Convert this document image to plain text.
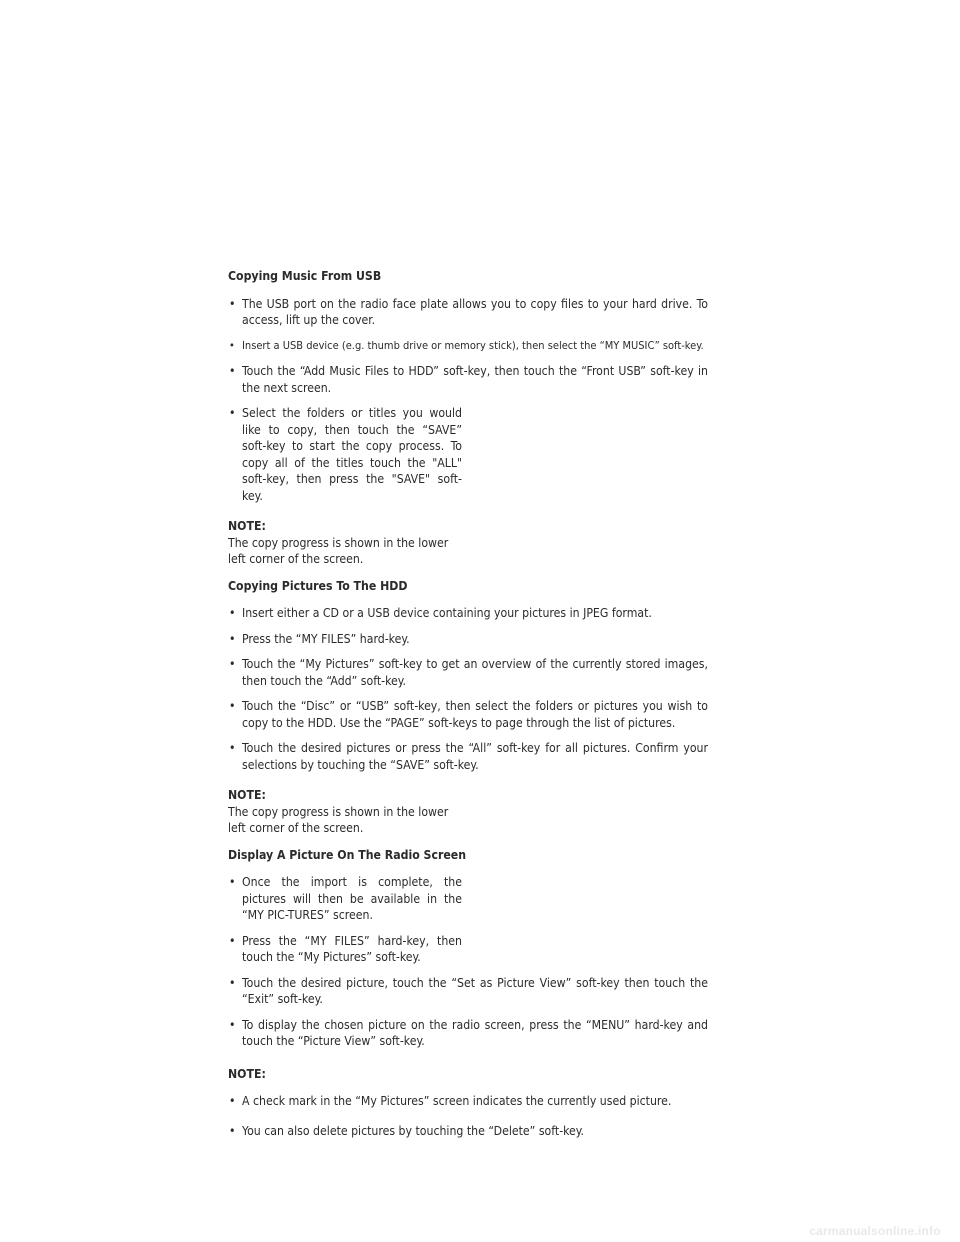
Copying Music From USB
• The USB port on the radio face plate allows you to copy files to your hard drive. To access, lift up the cover.
• Insert a USB device (e.g. thumb drive or memory stick), then select the “MY MUSIC” soft-key.
• Touch the “Add Music Files to HDD” soft-key, then touch the “Front USB” soft-key in the next screen.
• Select the folders or titles you would like to copy, then touch the “SAVE” soft-key to start the copy process. To copy all of the titles touch the "ALL" soft-key, then press the "SAVE" soft-key.
NOTE:
The copy progress is shown in the lower left corner of the screen.
Copying Pictures To The HDD
• Insert either a CD or a USB device containing your pictures in JPEG format.
• Press the “MY FILES” hard-key.
• Touch the “My Pictures” soft-key to get an overview of the currently stored images, then touch the “Add” soft-key.
• Touch the “Disc” or “USB” soft-key, then select the folders or pictures you wish to copy to the HDD. Use the “PAGE” soft-keys to page through the list of pictures.
• Touch the desired pictures or press the “All” soft-key for all pictures. Confirm your selections by touching the “SAVE” soft-key.
NOTE:
The copy progress is shown in the lower left corner of the screen.
Display A Picture On The Radio Screen
• Once the import is complete, the pictures will then be available in the “MY PIC-TURES” screen.
• Press the “MY FILES” hard-key, then touch the “My Pictures” soft-key.
• Touch the desired picture, touch the “Set as Picture View” soft-key then touch the “Exit” soft-key.
• To display the chosen picture on the radio screen, press the “MENU” hard-key and touch the “Picture View” soft-key.
NOTE:
• A check mark in the “My Pictures” screen indicates the currently used picture.
• You can also delete pictures by touching the “Delete” soft-key.
carmanualsonline.info
